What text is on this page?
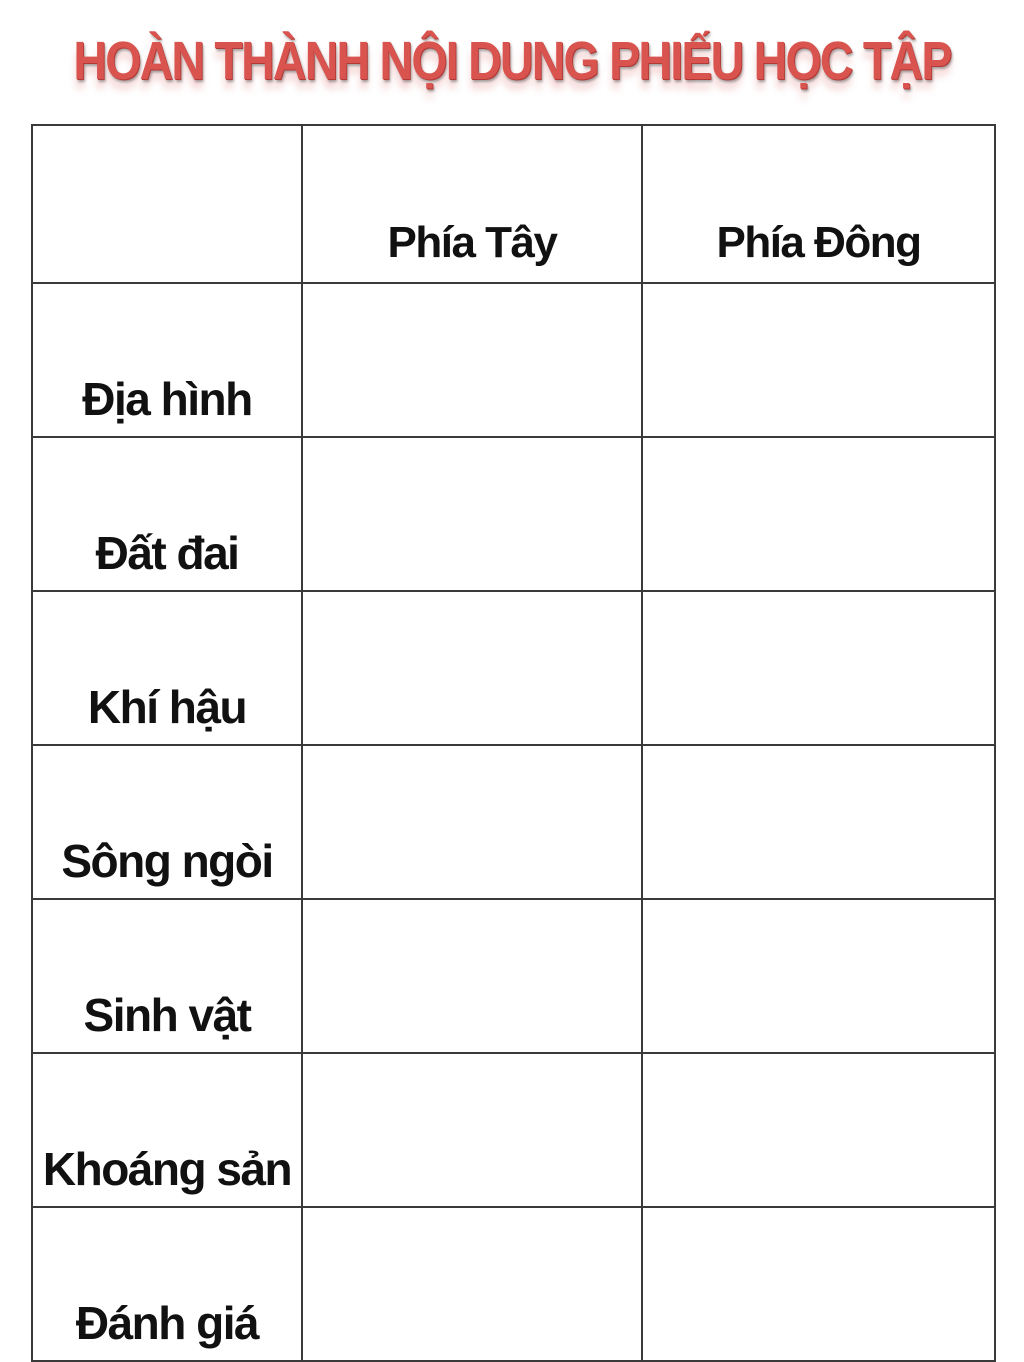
HOÀN THÀNH NỘI DUNG PHIẾU HỌC TẬP
	Phía Tây	Phía Đông
Địa hình		
Đất đai		
Khí hậu		
Sông ngòi		
Sinh vật		
Khoáng sản		
Đánh giá		
